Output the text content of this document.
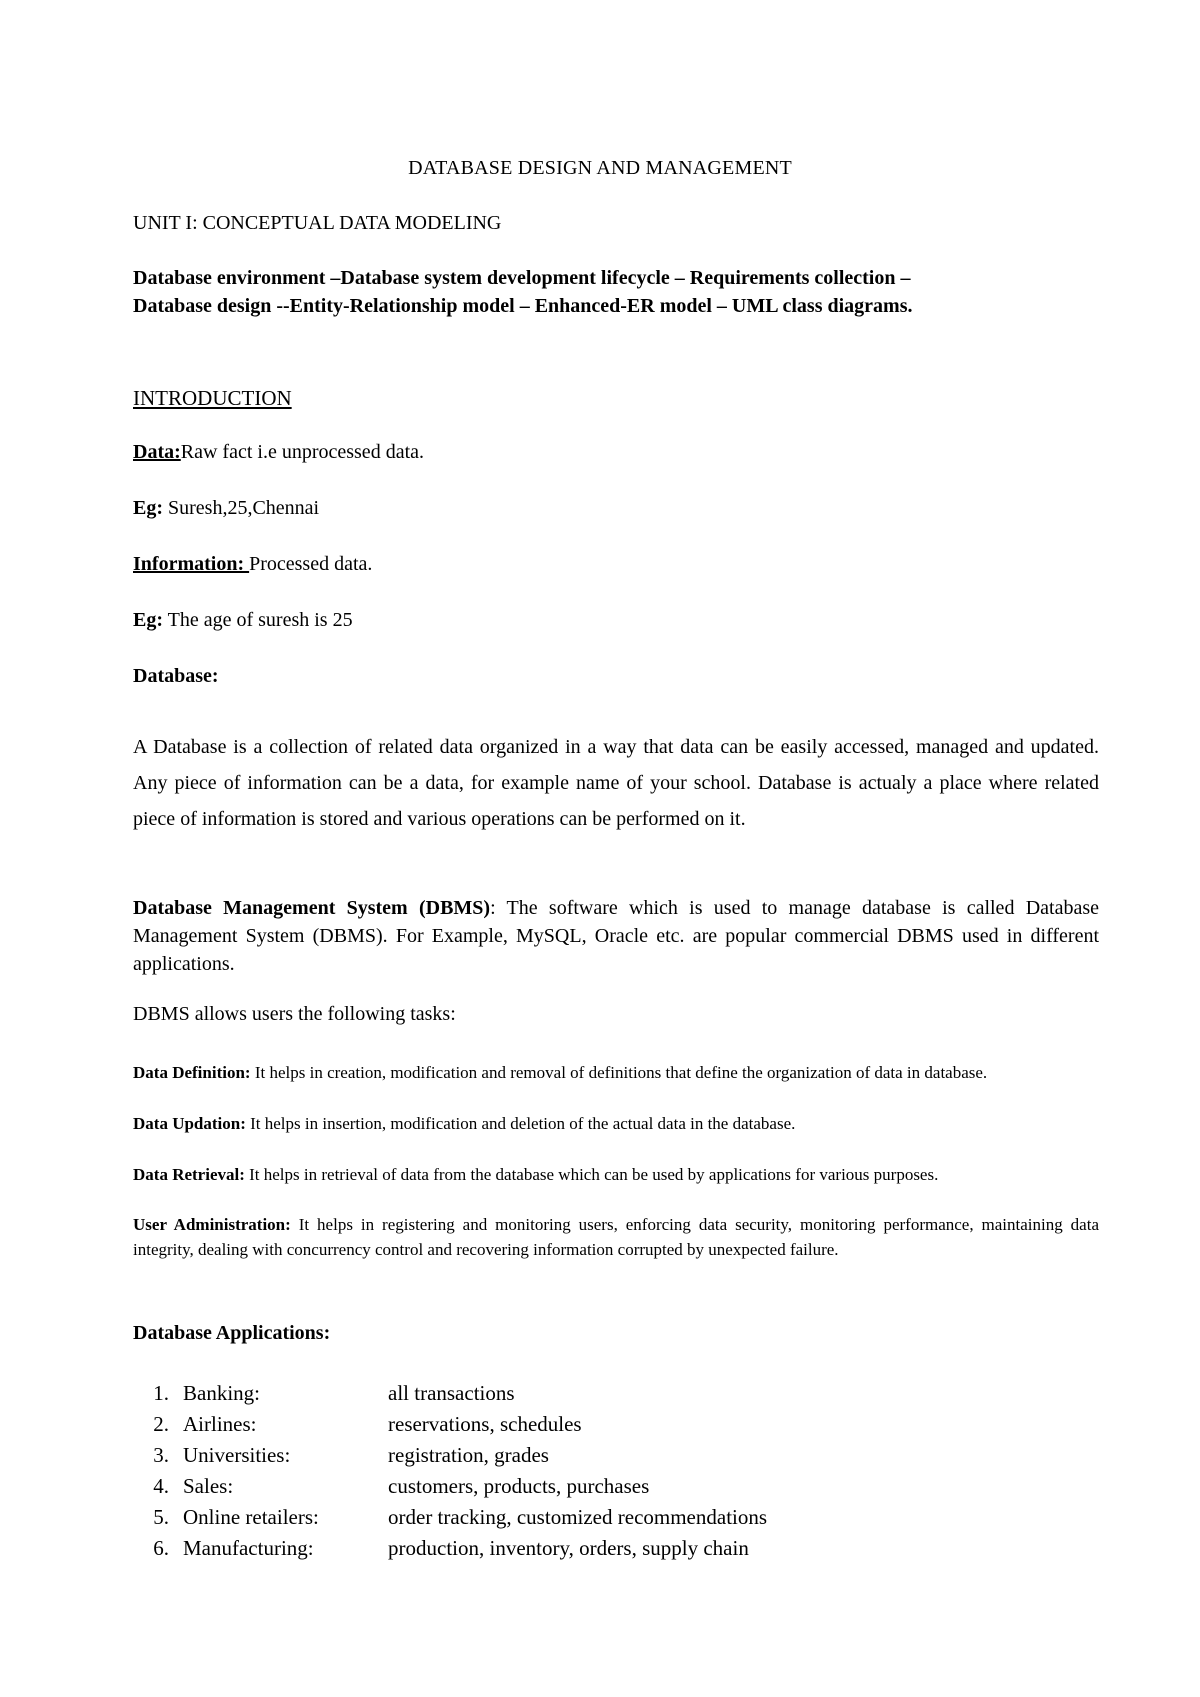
DATABASE DESIGN AND MANAGEMENT
UNIT I: CONCEPTUAL DATA MODELING
Database environment –Database system development lifecycle – Requirements collection –
Database design --Entity-Relationship model – Enhanced-ER model – UML class diagrams.
INTRODUCTION
Data:Raw fact i.e unprocessed data.
Eg: Suresh,25,Chennai
Information: Processed data.
Eg: The age of suresh is 25
Database:
A Database is a collection of related data organized in a way that data can be easily accessed, managed and updated. Any piece of information can be a data, for example name of your school. Database is actualy a place where related piece of information is stored and various operations can be performed on it.
Database Management System (DBMS): The software which is used to manage database is called Database Management System (DBMS). For Example, MySQL, Oracle etc. are popular commercial DBMS used in different applications.
DBMS allows users the following tasks:
Data Definition: It helps in creation, modification and removal of definitions that define the organization of data in database.
Data Updation: It helps in insertion, modification and deletion of the actual data in the database.
Data Retrieval: It helps in retrieval of data from the database which can be used by applications for various purposes.
User Administration: It helps in registering and monitoring users, enforcing data security, monitoring performance, maintaining data integrity, dealing with concurrency control and recovering information corrupted by unexpected failure.
Database Applications:
1. Banking:	all transactions
2. Airlines:	reservations, schedules
3. Universities:	registration, grades
4. Sales:	customers, products, purchases
5. Online retailers:	order tracking, customized recommendations
6. Manufacturing:	production, inventory, orders, supply chain
